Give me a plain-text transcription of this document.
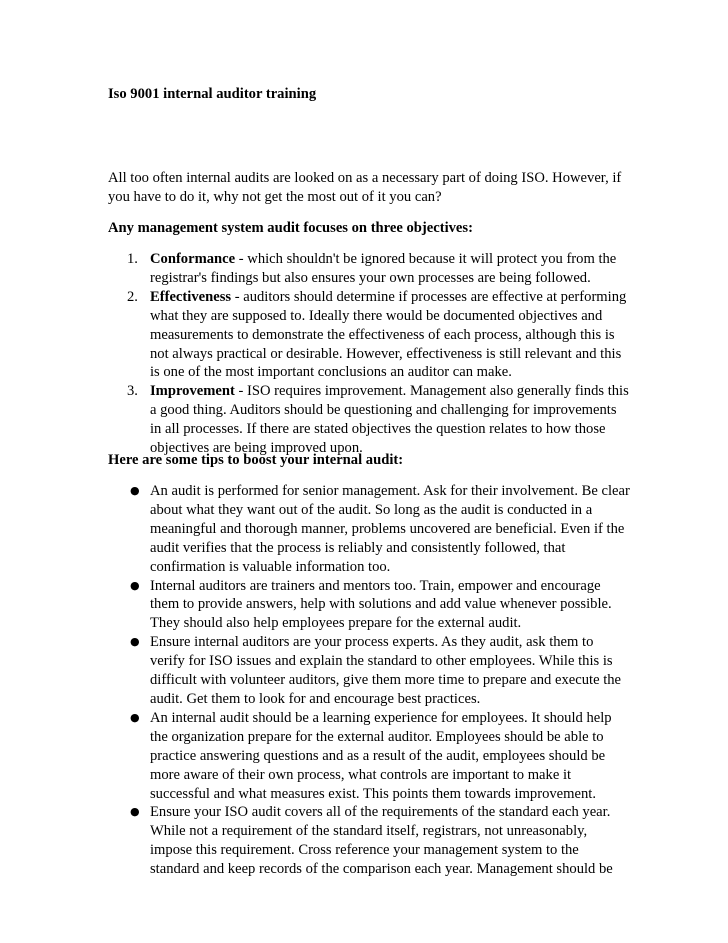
Iso 9001 internal auditor training

All too often internal audits are looked on as a necessary part of doing ISO. However, if
you have to do it, why not get the most out of it you can?

Any management system audit focuses on three objectives:

1. Conformance - which shouldn't be ignored because it will protect you from the
registrar's findings but also ensures your own processes are being followed.
2. Effectiveness - auditors should determine if processes are effective at performing
what they are supposed to. Ideally there would be documented objectives and
measurements to demonstrate the effectiveness of each process, although this is
not always practical or desirable. However, effectiveness is still relevant and this
is one of the most important conclusions an auditor can make.
3. Improvement - ISO requires improvement. Management also generally finds this
a good thing. Auditors should be questioning and challenging for improvements
in all processes. If there are stated objectives the question relates to how those
objectives are being improved upon.

Here are some tips to boost your internal audit:

● An audit is performed for senior management. Ask for their involvement. Be clear
about what they want out of the audit. So long as the audit is conducted in a
meaningful and thorough manner, problems uncovered are beneficial. Even if the
audit verifies that the process is reliably and consistently followed, that
confirmation is valuable information too.
● Internal auditors are trainers and mentors too. Train, empower and encourage
them to provide answers, help with solutions and add value whenever possible.
They should also help employees prepare for the external audit.
● Ensure internal auditors are your process experts. As they audit, ask them to
verify for ISO issues and explain the standard to other employees. While this is
difficult with volunteer auditors, give them more time to prepare and execute the
audit. Get them to look for and encourage best practices.
● An internal audit should be a learning experience for employees. It should help
the organization prepare for the external auditor. Employees should be able to
practice answering questions and as a result of the audit, employees should be
more aware of their own process, what controls are important to make it
successful and what measures exist. This points them towards improvement.
● Ensure your ISO audit covers all of the requirements of the standard each year.
While not a requirement of the standard itself, registrars, not unreasonably,
impose this requirement. Cross reference your management system to the
standard and keep records of the comparison each year. Management should be
